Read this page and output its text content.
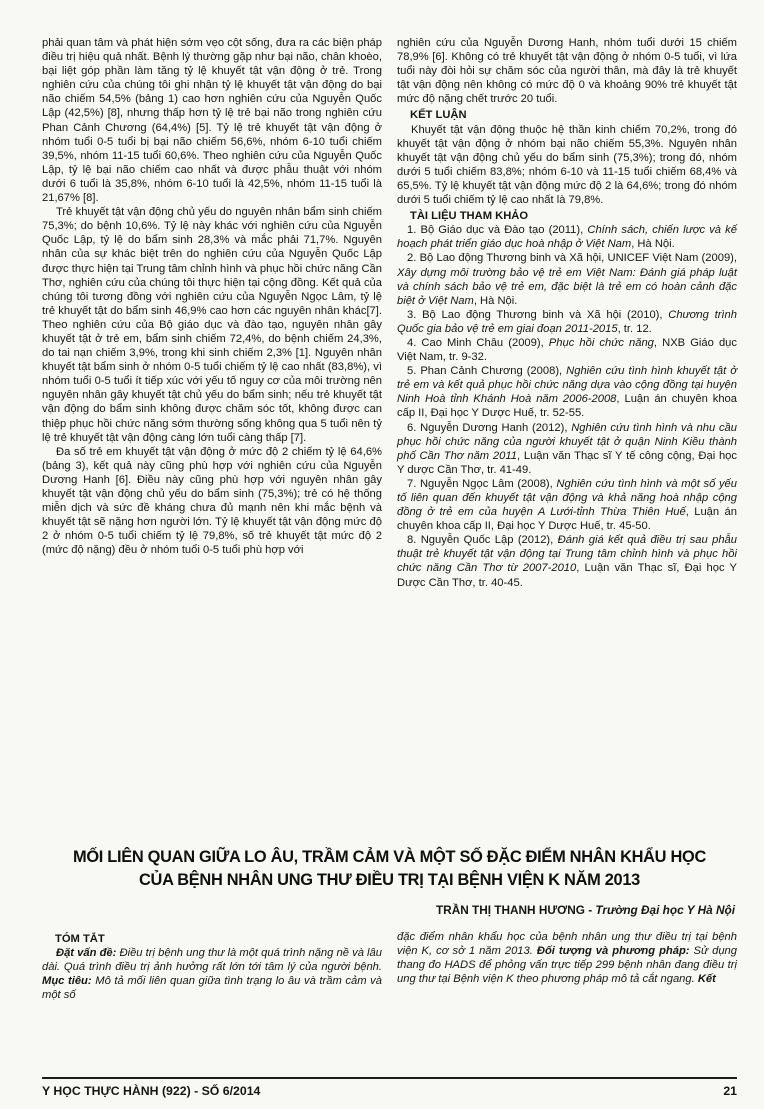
phải quan tâm và phát hiện sớm vẹo cột sống, đưa ra các biện pháp điều trị hiệu quả nhất. Bệnh lý thường gặp như bại não, chân khoèo, bại liệt góp phần làm tăng tỷ lệ khuyết tật vận động ở trẻ. Trong nghiên cứu của chúng tôi ghi nhận tỷ lệ khuyết tật vận động do bại não chiếm 54,5% (bảng 1) cao hơn nghiên cứu của Nguyễn Quốc Lập (42,5%) [8], nhưng thấp hơn tỷ lệ trẻ bại não trong nghiên cứu Phan Cảnh Chương (64,4%) [5]. Tỷ lệ trẻ khuyết tật vận động ở nhóm tuổi 0-5 tuổi bị bại não chiếm 56,6%, nhóm 6-10 tuổi chiếm 39,5%, nhóm 11-15 tuổi 60,6%. Theo nghiên cứu của Nguyễn Quốc Lập, tỷ lệ bại não chiếm cao nhất và được phẫu thuật với nhóm dưới 6 tuổi là 35,8%, nhóm 6-10 tuổi là 42,5%, nhóm 11-15 tuổi là 21,67% [8].

Trẻ khuyết tật vận động chủ yếu do nguyên nhân bẩm sinh chiếm 75,3%; do bệnh 10,6%. Tỷ lệ này khác với nghiên cứu của Nguyễn Quốc Lập, tỷ lệ do bẩm sinh 28,3% và mắc phải 71,7%. Nguyên nhân của sự khác biệt trên do nghiên cứu của Nguyễn Quốc Lập được thực hiện tại Trung tâm chỉnh hình và phục hồi chức năng Cần Thơ, nghiên cứu của chúng tôi thực hiện tại cộng đồng. Kết quả của chúng tôi tương đồng với nghiên cứu của Nguyễn Ngọc Lâm, tỷ lệ trẻ khuyết tật do bẩm sinh 46,9% cao hơn các nguyên nhân khác[7]. Theo nghiên cứu của Bộ giáo dục và đào tạo, nguyên nhân gây khuyết tật ở trẻ em, bẩm sinh chiếm 72,4%, do bệnh chiếm 24,3%, do tai nạn chiếm 3,9%, trong khi sinh chiếm 2,3% [1]. Nguyên nhân khuyết tật bẩm sinh ở nhóm 0-5 tuổi chiếm tỷ lệ cao nhất (83,8%), vì nhóm tuổi 0-5 tuổi ít tiếp xúc với yếu tố nguy cơ của môi trường nên nguyên nhân gây khuyết tật chủ yếu do bẩm sinh; nếu trẻ khuyết tật vận động do bẩm sinh không được chăm sóc tốt, không được can thiệp phục hồi chức năng sớm thường sống không qua 5 tuổi nên tỷ lệ trẻ khuyết tật vận động càng lớn tuổi càng thấp [7].

Đa số trẻ em khuyết tật vận động ở mức độ 2 chiếm tỷ lệ 64,6% (bảng 3), kết quả này cũng phù hợp với nghiên cứu của Nguyễn Dương Hanh [6]. Điều này cũng phù hợp với nguyên nhân gây khuyết tật vận động chủ yếu do bẩm sinh (75,3%); trẻ có hệ thống miễn dịch và sức đề kháng chưa đủ mạnh nên khi mắc bệnh và khuyết tật sẽ nặng hơn người lớn. Tỷ lệ khuyết tật vận động mức độ 2 ở nhóm 0-5 tuổi chiếm tỷ lệ 79,8%, số trẻ khuyết tật mức độ 2 (mức độ nặng) đều ở nhóm tuổi 0-5 tuổi phù hợp với

nghiên cứu của Nguyễn Dương Hanh, nhóm tuổi dưới 15 chiếm 78,9% [6]. Không có trẻ khuyết tật vận động ở nhóm 0-5 tuổi, vì lứa tuổi này đòi hỏi sự chăm sóc của người thân, mà đây là trẻ khuyết tật vận động nên không có mức độ 0 và khoảng 90% trẻ khuyết tật mức độ nặng chết trước 20 tuổi.

KẾT LUẬN

Khuyết tật vận động thuộc hệ thần kinh chiếm 70,2%, trong đó khuyết tật vận động ở nhóm bại não chiếm 55,3%. Nguyên nhân khuyết tật vận động chủ yếu do bẩm sinh (75,3%); trong đó, nhóm dưới 5 tuổi chiếm 83,8%; nhóm 6-10 và 11-15 tuổi chiếm 68,4% và 65,5%. Tỷ lệ khuyết tật vận động mức độ 2 là 64,6%; trong đó nhóm dưới 5 tuổi chiếm tỷ lệ cao nhất là 79,8%.

TÀI LIỆU THAM KHẢO

1. Bộ Giáo dục và Đào tạo (2011), Chính sách, chiến lược và kế hoạch phát triển giáo dục hoà nhập ở Việt Nam, Hà Nội.

2. Bộ Lao động Thương binh và Xã hội, UNICEF Việt Nam (2009), Xây dựng môi trường bảo vệ trẻ em Việt Nam: Đánh giá pháp luật và chính sách bảo vệ trẻ em, đặc biệt là trẻ em có hoàn cảnh đặc biệt ở Việt Nam, Hà Nội.

3. Bộ Lao động Thương binh và Xã hội (2010), Chương trình Quốc gia bảo vệ trẻ em giai đoạn 2011-2015, tr. 12.

4. Cao Minh Châu (2009), Phục hồi chức năng, NXB Giáo dục Việt Nam, tr. 9-32.

5. Phan Cảnh Chương (2008), Nghiên cứu tình hình khuyết tật ở trẻ em và kết quả phục hồi chức năng dựa vào cộng đồng tại huyện Ninh Hoà tỉnh Khánh Hoà năm 2006-2008, Luận án chuyên khoa cấp II, Đại học Y Dược Huế, tr. 52-55.

6. Nguyễn Dương Hanh (2012), Nghiên cứu tình hình và nhu cầu phục hồi chức năng của người khuyết tật ở quận Ninh Kiều thành phố Cần Thơ năm 2011, Luận văn Thạc sĩ Y tế công cộng, Đại học Y dược Cần Thơ, tr. 41-49.

7. Nguyễn Ngọc Lâm (2008), Nghiên cứu tình hình và một số yếu tố liên quan đến khuyết tật vận động và khả năng hoà nhập cộng đồng ở trẻ em của huyện A Lưới-tỉnh Thừa Thiên Huế, Luận án chuyên khoa cấp II, Đại học Y Dược Huế, tr. 45-50.

8. Nguyễn Quốc Lập (2012), Đánh giá kết quả điều trị sau phẫu thuật trẻ khuyết tật vận động tại Trung tâm chỉnh hình và phục hồi chức năng Cần Thơ từ 2007-2010, Luận văn Thạc sĩ, Đại học Y Dược Cần Thơ, tr. 40-45.

MỐI LIÊN QUAN GIỮA LO ÂU, TRẦM CẢM VÀ MỘT SỐ ĐẶC ĐIỂM NHÂN KHẨU HỌC
CỦA BỆNH NHÂN UNG THƯ ĐIỀU TRỊ TẠI BỆNH VIỆN K NĂM 2013
TRẦN THỊ THANH HƯƠNG - Trường Đại học Y Hà Nội

TÓM TẮT

Đặt vấn đề: Điều trị bệnh ung thư là một quá trình nặng nề và lâu dài. Quá trình điều trị ảnh hưởng rất lớn tới tâm lý của người bệnh. Mục tiêu: Mô tả mối liên quan giữa tình trạng lo âu và trầm cảm và một số

đặc điểm nhân khẩu học của bệnh nhân ung thư điều trị tại bệnh viện K, cơ sở 1 năm 2013. Đối tượng và phương pháp: Sử dụng thang đo HADS để phỏng vấn trực tiếp 299 bệnh nhân đang điều trị ung thư tại Bệnh viện K theo phương pháp mô tả cắt ngang. Kết

Y HỌC THỰC HÀNH (922) - SỐ 6/2014	21
